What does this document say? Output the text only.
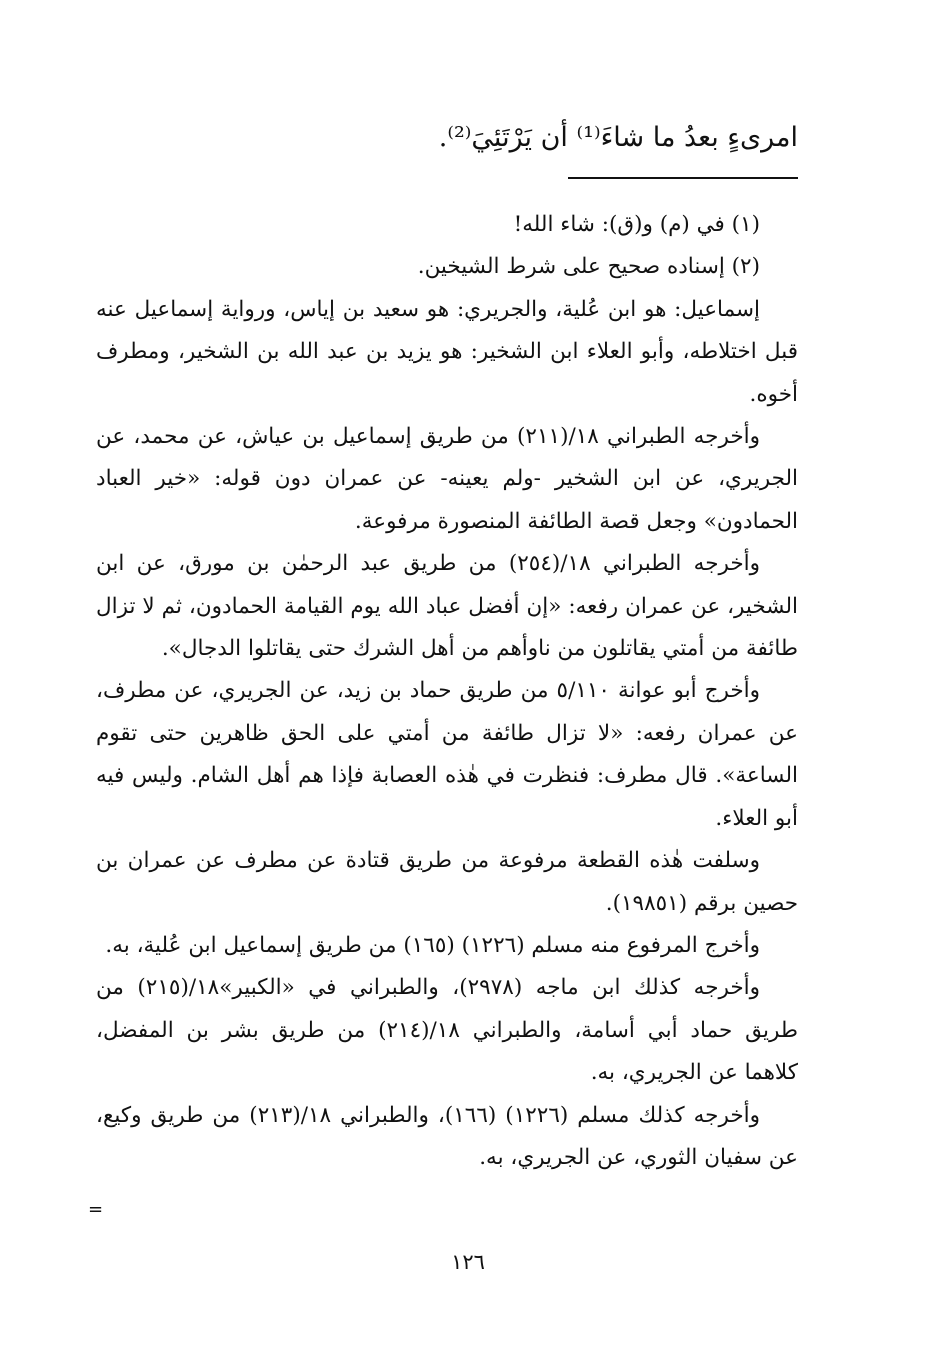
امرىءٍ بعدُ ما شاءَ⁽¹⁾ أن يَرْتَئِيَ⁽²⁾.

(١) في (م) و(ق): شاء الله!

(٢) إسناده صحيح على شرط الشيخين.

إسماعيل: هو ابن عُلية، والجريري: هو سعيد بن إياس، ورواية إسماعيل عنه قبل اختلاطه، وأبو العلاء ابن الشخير: هو يزيد بن عبد الله بن الشخير، ومطرف أخوه.

وأخرجه الطبراني ١٨/(٢١١) من طريق إسماعيل بن عياش، عن محمد، عن الجريري، عن ابن الشخير -ولم يعينه- عن عمران دون قوله: «خير العباد الحمادون» وجعل قصة الطائفة المنصورة مرفوعة.

وأخرجه الطبراني ١٨/(٢٥٤) من طريق عبد الرحمٰن بن مورق، عن ابن الشخير، عن عمران رفعه: «إن أفضل عباد الله يوم القيامة الحمادون، ثم لا تزال طائفة من أمتي يقاتلون من ناوأهم من أهل الشرك حتى يقاتلوا الدجال».

وأخرج أبو عوانة ٥/١١٠ من طريق حماد بن زيد، عن الجريري، عن مطرف، عن عمران رفعه: «لا تزال طائفة من أمتي على الحق ظاهرين حتى تقوم الساعة». قال مطرف: فنظرت في هٰذه العصابة فإذا هم أهل الشام. وليس فيه أبو العلاء.

وسلفت هٰذه القطعة مرفوعة من طريق قتادة عن مطرف عن عمران بن حصين برقم (١٩٨٥١).

وأخرج المرفوع منه مسلم (١٢٢٦) (١٦٥) من طريق إسماعيل ابن عُلية، به.

وأخرجه كذلك ابن ماجه (٢٩٧٨)، والطبراني في «الكبير»١٨/(٢١٥) من طريق حماد أبي أسامة، والطبراني ١٨/(٢١٤) من طريق بشر بن المفضل، كلاهما عن الجريري، به.

وأخرجه كذلك مسلم (١٢٢٦) (١٦٦)، والطبراني ١٨/(٢١٣) من طريق وكيع، عن سفيان الثوري، عن الجريري، به.

=
١٢٦
